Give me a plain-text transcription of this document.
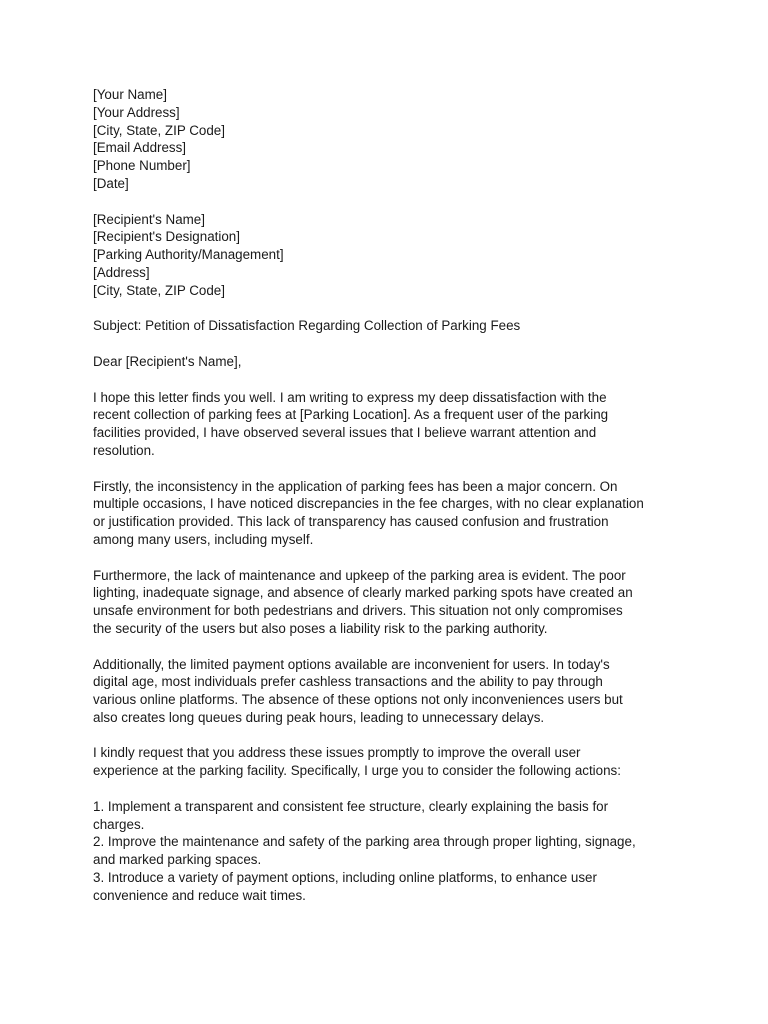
[Your Name]
[Your Address]
[City, State, ZIP Code]
[Email Address]
[Phone Number]
[Date]
[Recipient's Name]
[Recipient's Designation]
[Parking Authority/Management]
[Address]
[City, State, ZIP Code]
Subject: Petition of Dissatisfaction Regarding Collection of Parking Fees
Dear [Recipient's Name],
I hope this letter finds you well. I am writing to express my deep dissatisfaction with the
recent collection of parking fees at [Parking Location]. As a frequent user of the parking
facilities provided, I have observed several issues that I believe warrant attention and
resolution.
Firstly, the inconsistency in the application of parking fees has been a major concern. On
multiple occasions, I have noticed discrepancies in the fee charges, with no clear explanation
or justification provided. This lack of transparency has caused confusion and frustration
among many users, including myself.
Furthermore, the lack of maintenance and upkeep of the parking area is evident. The poor
lighting, inadequate signage, and absence of clearly marked parking spots have created an
unsafe environment for both pedestrians and drivers. This situation not only compromises
the security of the users but also poses a liability risk to the parking authority.
Additionally, the limited payment options available are inconvenient for users. In today's
digital age, most individuals prefer cashless transactions and the ability to pay through
various online platforms. The absence of these options not only inconveniences users but
also creates long queues during peak hours, leading to unnecessary delays.
I kindly request that you address these issues promptly to improve the overall user
experience at the parking facility. Specifically, I urge you to consider the following actions:
1. Implement a transparent and consistent fee structure, clearly explaining the basis for
charges.
2. Improve the maintenance and safety of the parking area through proper lighting, signage,
and marked parking spaces.
3. Introduce a variety of payment options, including online platforms, to enhance user
convenience and reduce wait times.
